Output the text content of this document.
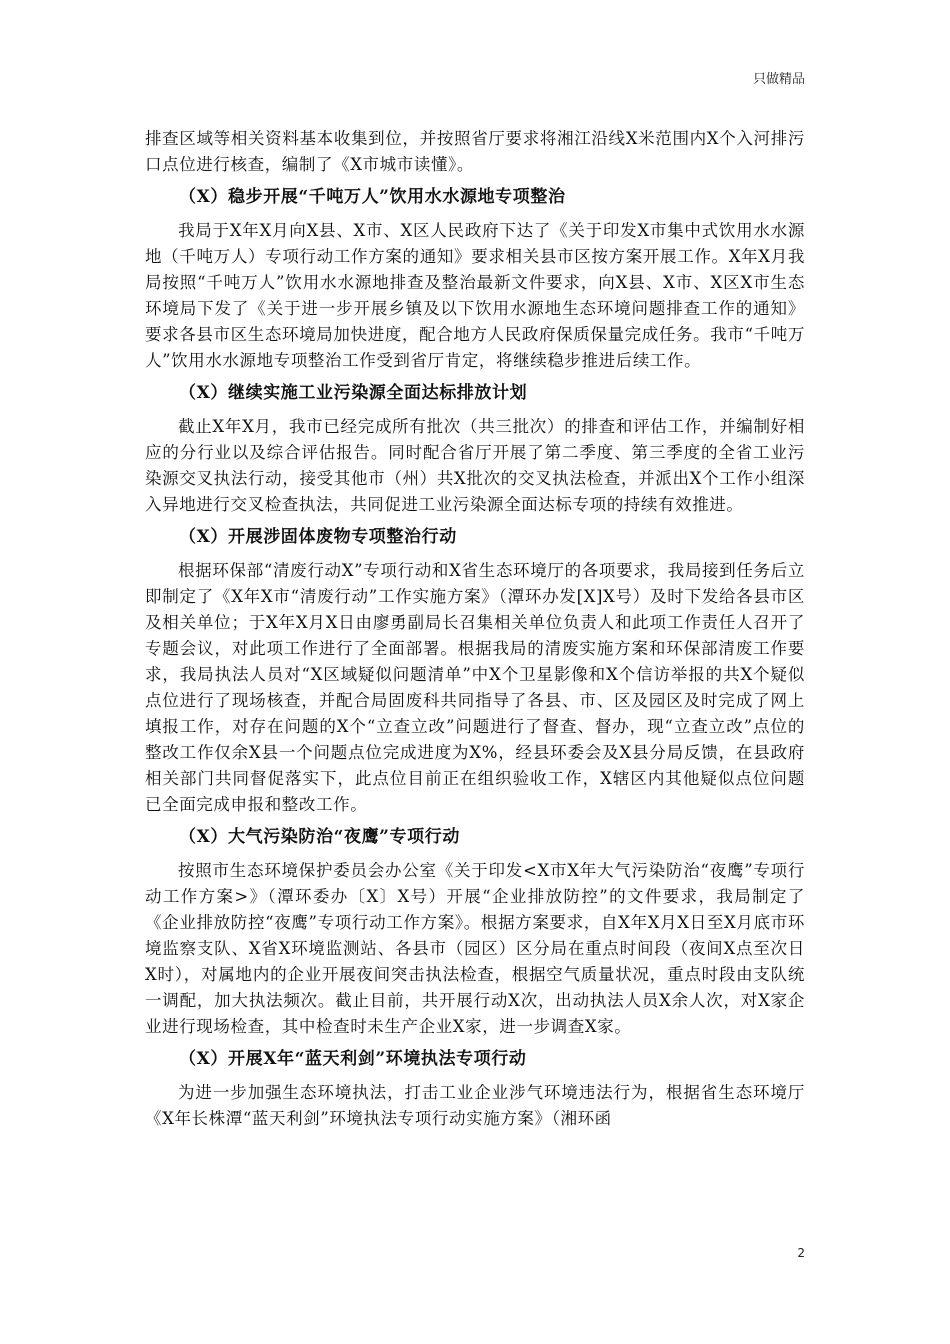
只做精品

排查区域等相关资料基本收集到位，并按照省厅要求将湘江沿线X米范围内X个入河排污口点位进行核查，编制了《X市城市读懂》。

（X）稳步开展“千吨万人”饮用水水源地专项整治

我局于X年X月向X县、X市、X区人民政府下达了《关于印发X市集中式饮用水水源地（千吨万人）专项行动工作方案的通知》要求相关县市区按方案开展工作。X年X月我局按照“千吨万人”饮用水水源地排查及整治最新文件要求，向X县、X市、X区X市生态环境局下发了《关于进一步开展乡镇及以下饮用水源地生态环境问题排查工作的通知》要求各县市区生态环境局加快进度，配合地方人民政府保质保量完成任务。我市“千吨万人”饮用水水源地专项整治工作受到省厅肯定，将继续稳步推进后续工作。

（X）继续实施工业污染源全面达标排放计划

截止X年X月，我市已经完成所有批次（共三批次）的排查和评估工作，并编制好相应的分行业以及综合评估报告。同时配合省厅开展了第二季度、第三季度的全省工业污染源交叉执法行动，接受其他市（州）共X批次的交叉执法检查，并派出X个工作小组深入异地进行交叉检查执法，共同促进工业污染源全面达标专项的持续有效推进。

（X）开展涉固体废物专项整治行动

根据环保部“清废行动X”专项行动和X省生态环境厅的各项要求，我局接到任务后立即制定了《X年X市“清废行动”工作实施方案》（潭环办发[X]X号）及时下发给各县市区及相关单位；于X年X月X日由廖勇副局长召集相关单位负责人和此项工作责任人召开了专题会议，对此项工作进行了全面部署。根据我局的清废实施方案和环保部清废工作要求，我局执法人员对“X区域疑似问题清单”中X个卫星影像和X个信访举报的共X个疑似点位进行了现场核查，并配合局固废科共同指导了各县、市、区及园区及时完成了网上填报工作，对存在问题的X个“立查立改”问题进行了督查、督办，现“立查立改”点位的整改工作仅余X县一个问题点位完成进度为X%，经县环委会及X县分局反馈，在县政府相关部门共同督促落实下，此点位目前正在组织验收工作，X辖区内其他疑似点位问题已全面完成申报和整改工作。

（X）大气污染防治“夜鹰”专项行动

按照市生态环境保护委员会办公室《关于印发<X市X年大气污染防治“夜鹰”专项行动工作方案>》（潭环委办〔X〕X号）开展“企业排放防控”的文件要求，我局制定了《企业排放防控“夜鹰”专项行动工作方案》。根据方案要求，自X年X月X日至X月底市环境监察支队、X省X环境监测站、各县市（园区）区分局在重点时间段（夜间X点至次日X时），对属地内的企业开展夜间突击执法检查，根据空气质量状况，重点时段由支队统一调配，加大执法频次。截止目前，共开展行动X次，出动执法人员X余人次，对X家企业进行现场检查，其中检查时未生产企业X家，进一步调查X家。

（X）开展X年“蓝天利剑”环境执法专项行动

为进一步加强生态环境执法，打击工业企业涉气环境违法行为，根据省生态环境厅《X年长株潭“蓝天利剑”环境执法专项行动实施方案》（湘环函

2
